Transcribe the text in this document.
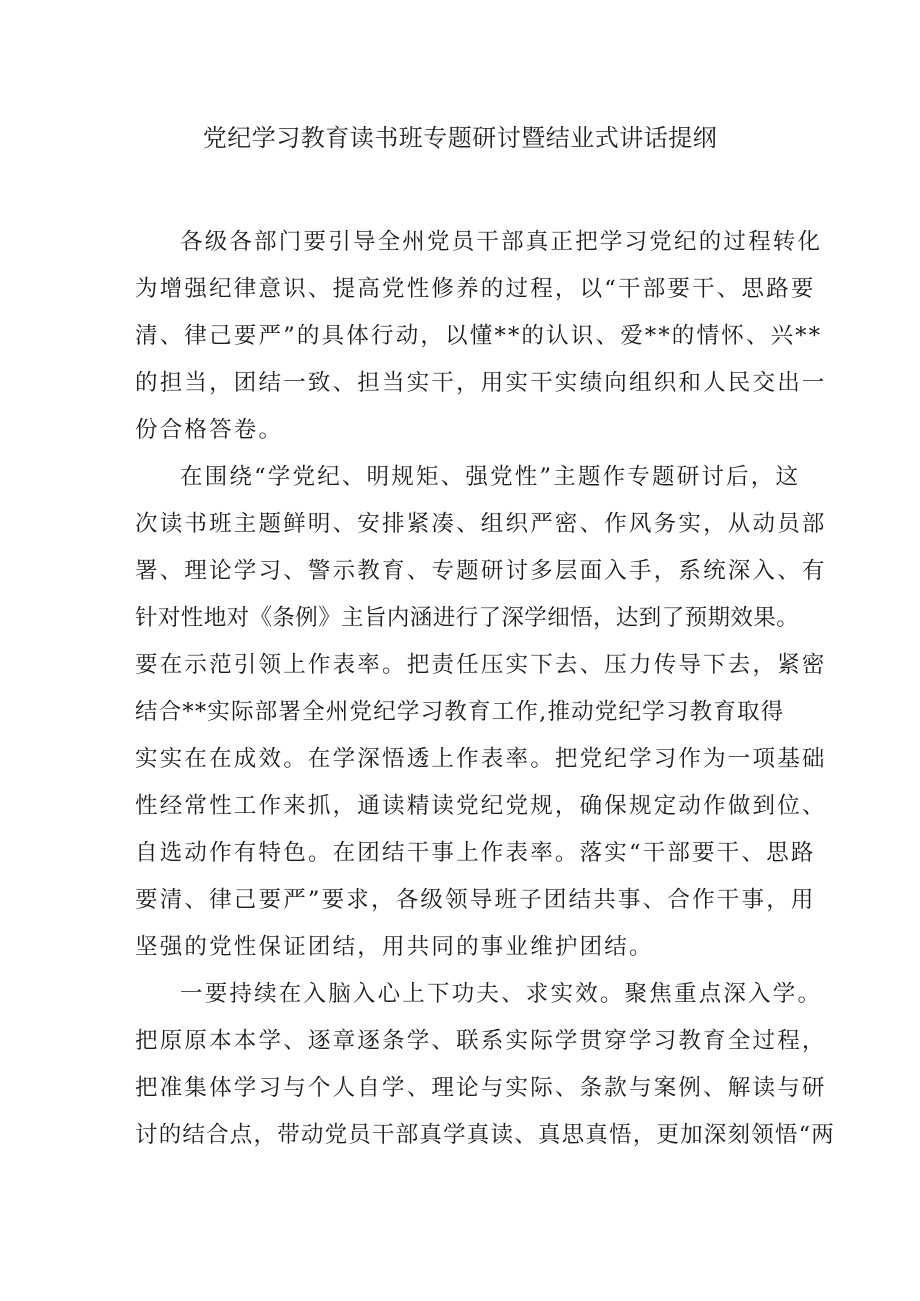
党纪学习教育读书班专题研讨暨结业式讲话提纲
各级各部门要引导全州党员干部真正把学习党纪的过程转化
为增强纪律意识、提高党性修养的过程，以“干部要干、思路要
清、律己要严”的具体行动，以懂**的认识、爱**的情怀、兴**
的担当，团结一致、担当实干，用实干实绩向组织和人民交出一
份合格答卷。
在围绕“学党纪、明规矩、强党性”主题作专题研讨后，这
次读书班主题鲜明、安排紧凑、组织严密、作风务实，从动员部
署、理论学习、警示教育、专题研讨多层面入手，系统深入、有
针对性地对《条例》主旨内涵进行了深学细悟，达到了预期效果。
要在示范引领上作表率。把责任压实下去、压力传导下去，紧密
结合**实际部署全州党纪学习教育工作,推动党纪学习教育取得
实实在在成效。在学深悟透上作表率。把党纪学习作为一项基础
性经常性工作来抓，通读精读党纪党规，确保规定动作做到位、
自选动作有特色。在团结干事上作表率。落实“干部要干、思路
要清、律己要严”要求，各级领导班子团结共事、合作干事，用
坚强的党性保证团结，用共同的事业维护团结。
一要持续在入脑入心上下功夫、求实效。聚焦重点深入学。
把原原本本学、逐章逐条学、联系实际学贯穿学习教育全过程，
把准集体学习与个人自学、理论与实际、条款与案例、解读与研
讨的结合点，带动党员干部真学真读、真思真悟，更加深刻领悟“两
